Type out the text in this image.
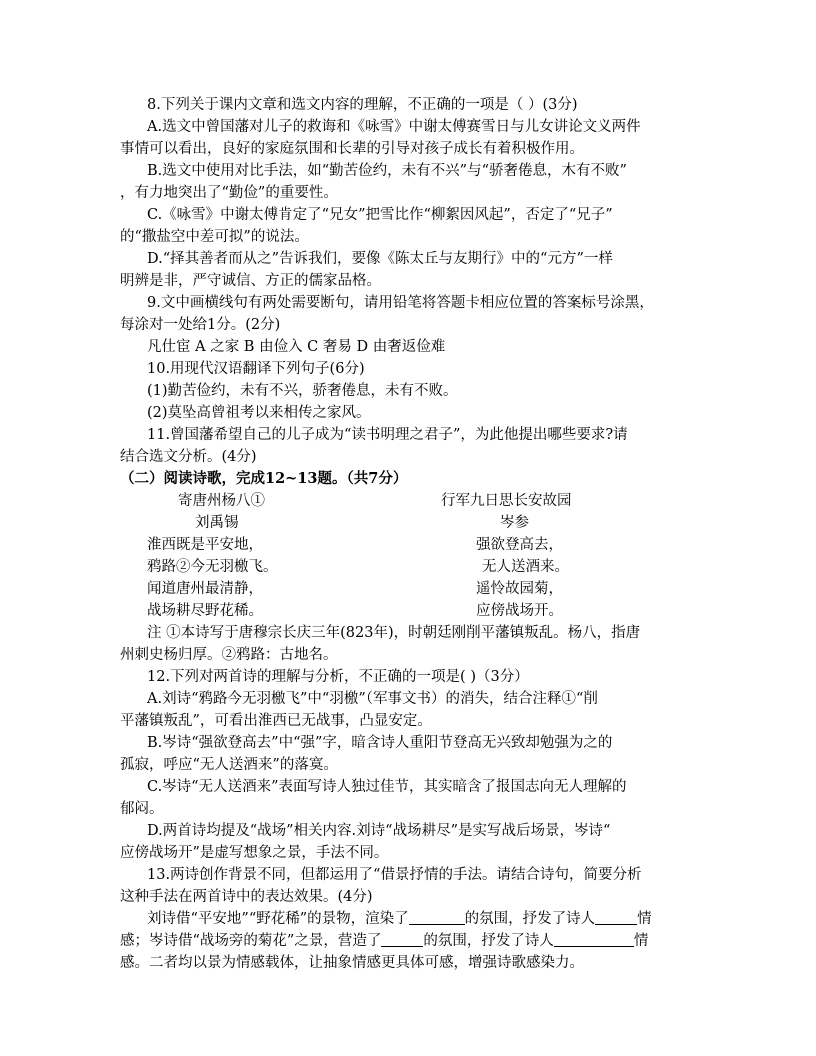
8.下列关于课内文章和选文内容的理解，不正确的一项是（ ）(3分)
A.选文中曾国藩对儿子的救诲和《咏雪》中谢太傅赛雪日与儿女讲论文义两件
事情可以看出，良好的家庭氛围和长辈的引导对孩子成长有着积极作用。
B.选文中使用对比手法，如“勤苦俭约，未有不兴”与“骄奢倦息，木有不败”
，有力地突出了“勤俭”的重要性。
C.《咏雪》中谢太傅肯定了“兄女”把雪比作“柳絮因风起”，否定了“兄子”
的“撒盐空中差可拟”的说法。
D.“择其善者而从之”告诉我们，要像《陈太丘与友期行》中的“元方”一样
明辨是非，严守诚信、方正的儒家品格。
9.文中画横线句有两处需要断句，请用铅笔将答题卡相应位置的答案标号涂黑，
每涂对一处给1分。(2分)
凡仕宦 A 之家 B 由俭入 C 奢易 D 由奢返俭难
10.用现代汉语翻译下列句子(6分)
(1)勤苦俭约，未有不兴，骄奢倦息，未有不败。
(2)莫坠高曾祖考以来相传之家风。
11.曾国藩希望自己的儿子成为“读书明理之君子”，为此他提出哪些要求?请
结合选文分析。(4分)
（二）阅读诗歌，完成12~13题。（共7分）
寄唐州杨八①
刘禹锡
淮西既是平安地，
鸦路②今无羽檄飞。
闻道唐州最清静，
战场耕尽野花稀。
行军九日思长安故园
岑参
强欲登高去，
无人送酒来。
遥怜故园菊，
应傍战场开。
注 ①本诗写于唐穆宗长庆三年(823年)，时朝廷刚削平藩镇叛乱。杨八，指唐
州刺史杨归厚。②鸦路：古地名。
12.下列对两首诗的理解与分析，不正确的一项是( )（3分）
A.刘诗“鸦路今无羽檄飞”中“羽檄”（军事文书）的消失，结合注释①“削
平藩镇叛乱”，可看出淮西已无战事，凸显安定。
B.岑诗“强欲登高去”中“强”字，暗含诗人重阳节登高无兴致却勉强为之的
孤寂，呼应“无人送酒来”的落寞。
C.岑诗“无人送酒来”表面写诗人独过佳节，其实暗含了报国志向无人理解的
郁闷。
D.两首诗均提及“战场”相关内容.刘诗“战场耕尽”是实写战后场景，岑诗“
应傍战场开”是虚写想象之景，手法不同。
13.两诗创作背景不同，但都运用了“借景抒情的手法。请结合诗句，简要分析
这种手法在两首诗中的表达效果。(4分)
刘诗借“平安地”“野花稀”的景物，渲染了	的氛围，抒发了诗人	情
感；岑诗借“战场旁的菊花”之景，营造了	的氛围，抒发了诗人	情
感。二者均以景为情感载体，让抽象情感更具体可感，增强诗歌感染力。
